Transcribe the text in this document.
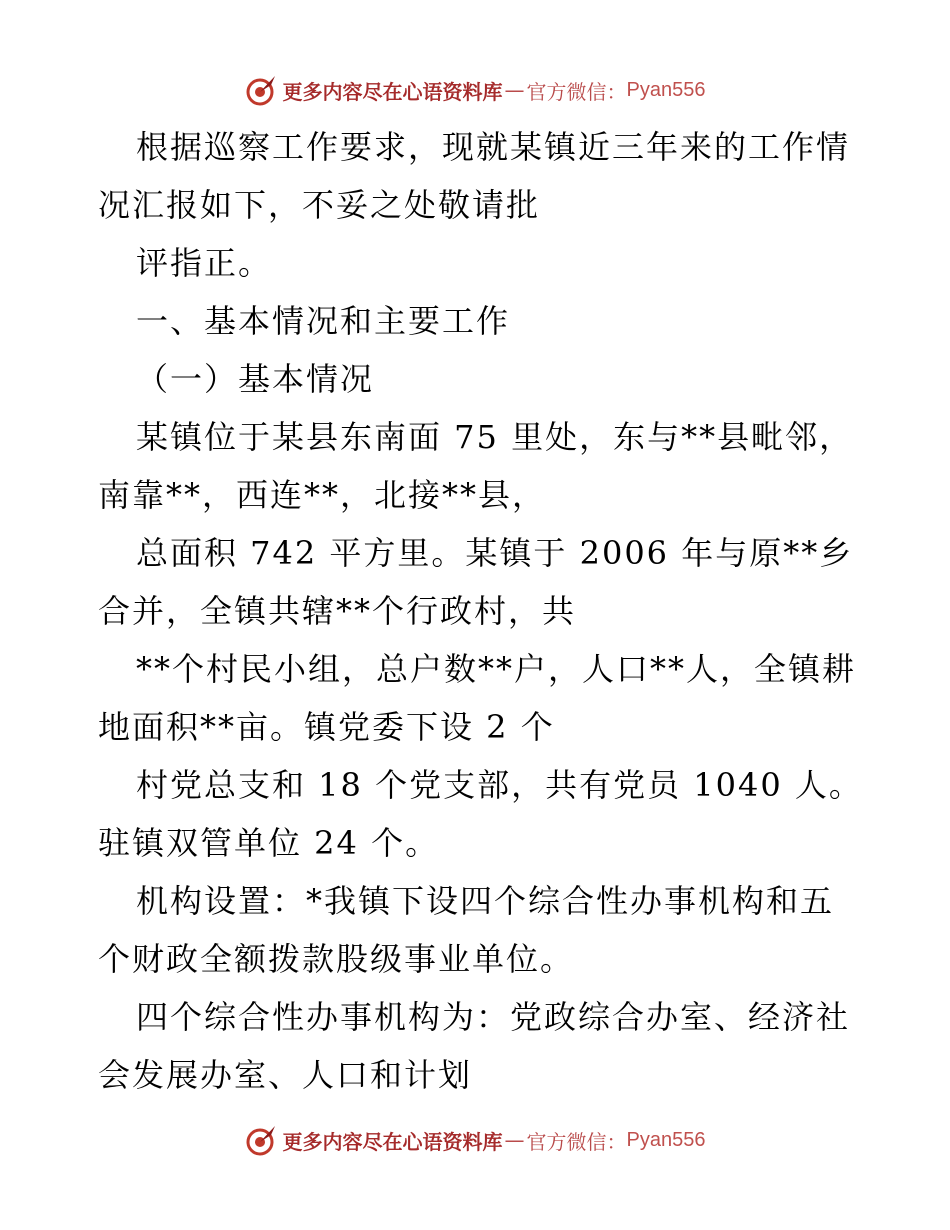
更多内容尽在心语资料库 — 官方微信： Pyan556
根据巡察工作要求，现就某镇近三年来的工作情
况汇报如下，不妥之处敬请批
评指正。
一、基本情况和主要工作
（一）基本情况
某镇位于某县东南面 75 里处，东与**县毗邻，
南靠**，西连**，北接**县，
总面积 742 平方里。某镇于 2006 年与原**乡
合并，全镇共辖**个行政村，共
**个村民小组，总户数**户，人口**人，全镇耕
地面积**亩。镇党委下设 2 个
村党总支和 18 个党支部，共有党员 1040 人。
驻镇双管单位 24 个。
机构设置：*我镇下设四个综合性办事机构和五
个财政全额拨款股级事业单位。
四个综合性办事机构为：党政综合办室、经济社
会发展办室、人口和计划
更多内容尽在心语资料库 — 官方微信： Pyan556
